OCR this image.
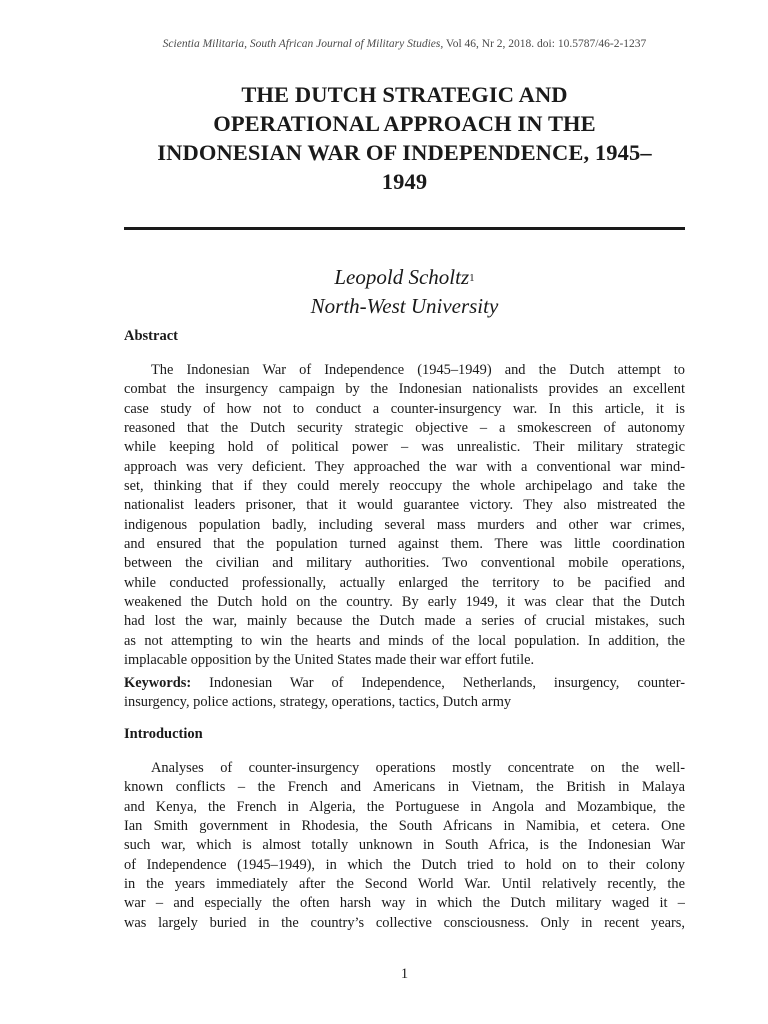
Scientia Militaria, South African Journal of Military Studies, Vol 46, Nr 2, 2018. doi: 10.5787/46-2-1237
THE DUTCH STRATEGIC AND
OPERATIONAL APPROACH IN THE
INDONESIAN WAR OF INDEPENDENCE, 1945–
1949
Leopold Scholtz$^1$
North-West University
Abstract
The Indonesian War of Independence (1945–1949) and the Dutch attempt to
combat the insurgency campaign by the Indonesian nationalists provides an excellent
case study of how not to conduct a counter-insurgency war. In this article, it is
reasoned that the Dutch security strategic objective – a smokescreen of autonomy
while keeping hold of political power – was unrealistic. Their military strategic
approach was very deficient. They approached the war with a conventional war mind-
set, thinking that if they could merely reoccupy the whole archipelago and take the
nationalist leaders prisoner, that it would guarantee victory. They also mistreated the
indigenous population badly, including several mass murders and other war crimes,
and ensured that the population turned against them. There was little coordination
between the civilian and military authorities. Two conventional mobile operations,
while conducted professionally, actually enlarged the territory to be pacified and
weakened the Dutch hold on the country. By early 1949, it was clear that the Dutch
had lost the war, mainly because the Dutch made a series of crucial mistakes, such
as not attempting to win the hearts and minds of the local population. In addition, the
implacable opposition by the United States made their war effort futile.
Keywords: Indonesian War of Independence, Netherlands, insurgency, counter-
insurgency, police actions, strategy, operations, tactics, Dutch army
Introduction
Analyses of counter-insurgency operations mostly concentrate on the well-
known conflicts – the French and Americans in Vietnam, the British in Malaya
and Kenya, the French in Algeria, the Portuguese in Angola and Mozambique, the
Ian Smith government in Rhodesia, the South Africans in Namibia, et cetera. One
such war, which is almost totally unknown in South Africa, is the Indonesian War
of Independence (1945–1949), in which the Dutch tried to hold on to their colony
in the years immediately after the Second World War. Until relatively recently, the
war – and especially the often harsh way in which the Dutch military waged it –
was largely buried in the country’s collective consciousness. Only in recent years,
1
